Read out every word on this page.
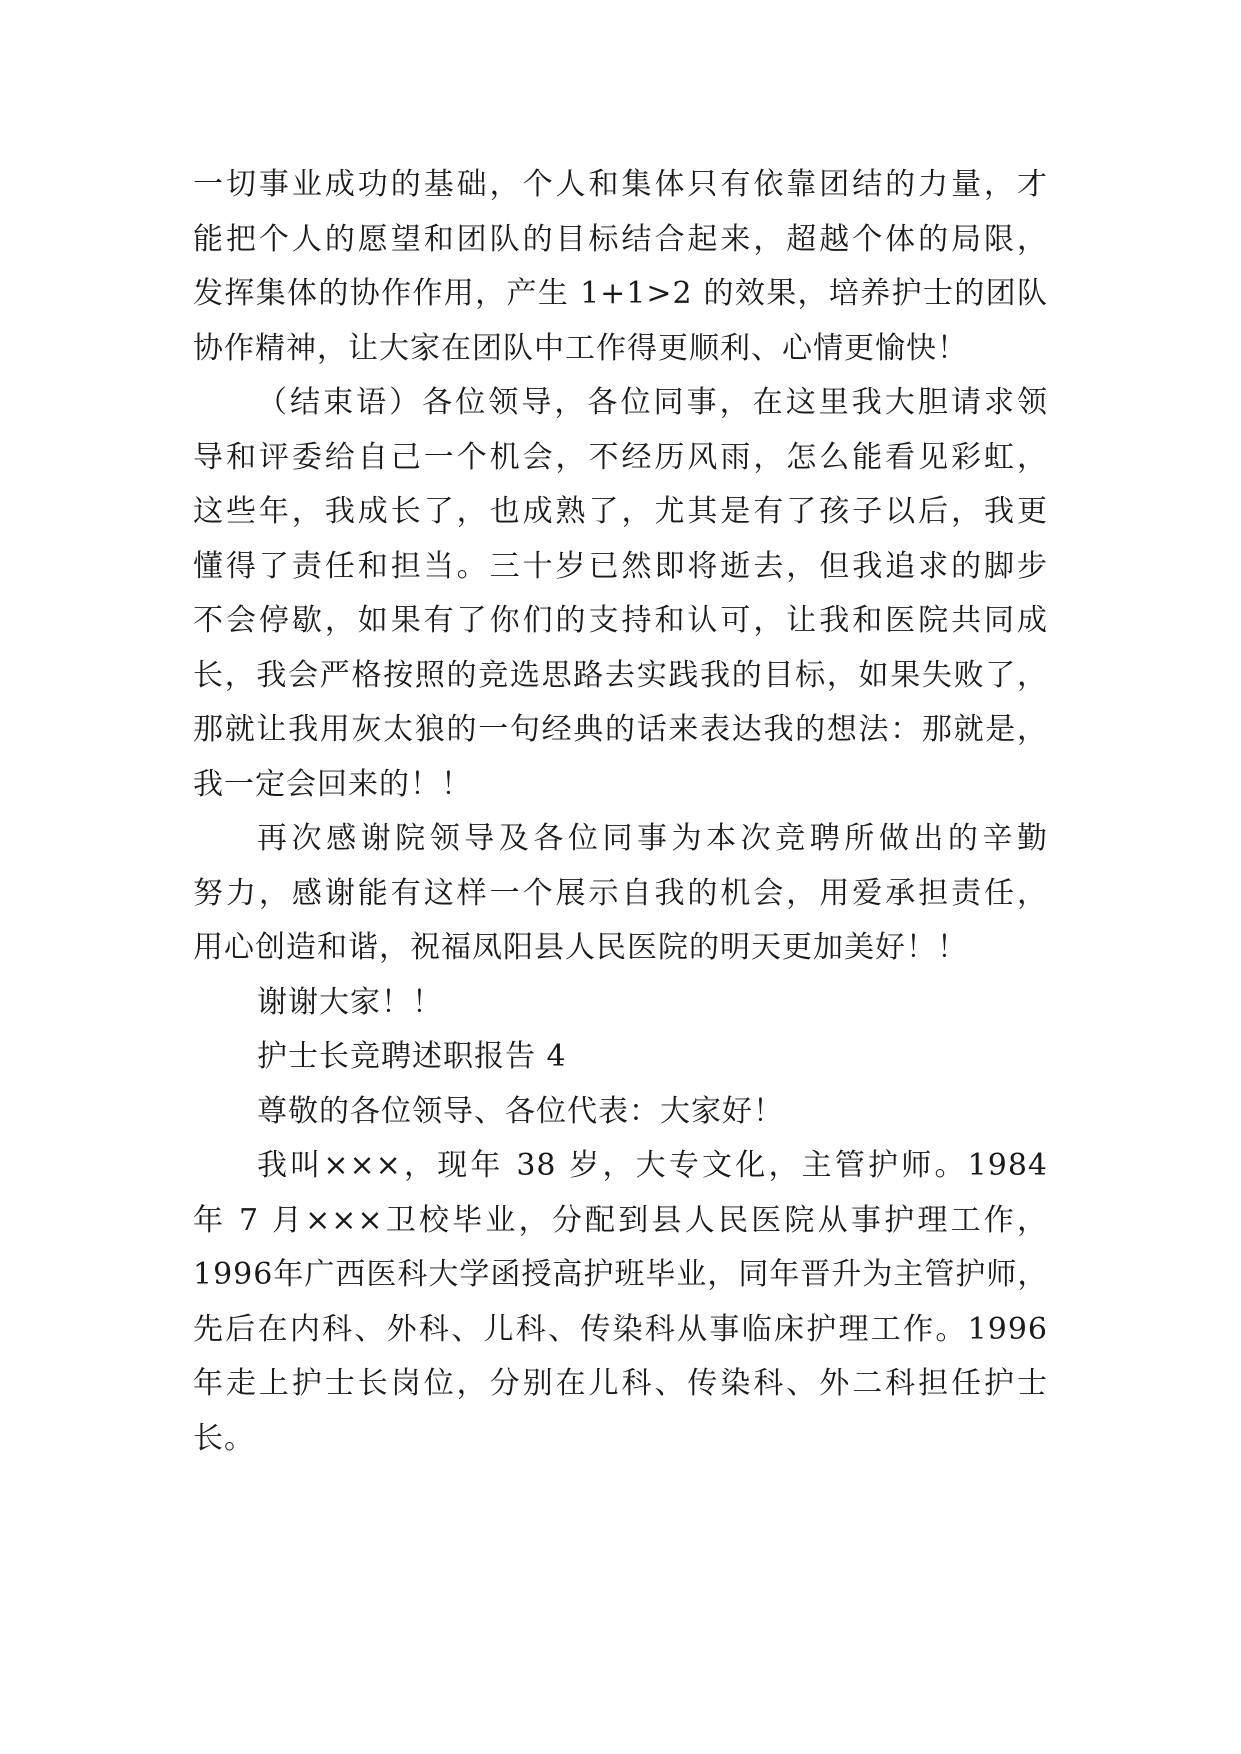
一切事业成功的基础，个人和集体只有依靠团结的力量，才
能把个人的愿望和团队的目标结合起来，超越个体的局限，
发挥集体的协作作用，产生 1+1>2 的效果，培养护士的团队
协作精神，让大家在团队中工作得更顺利、心情更愉快！
（结束语）各位领导，各位同事，在这里我大胆请求领
导和评委给自己一个机会，不经历风雨，怎么能看见彩虹，
这些年，我成长了，也成熟了，尤其是有了孩子以后，我更
懂得了责任和担当。三十岁已然即将逝去，但我追求的脚步
不会停歇，如果有了你们的支持和认可，让我和医院共同成
长，我会严格按照的竞选思路去实践我的目标，如果失败了，
那就让我用灰太狼的一句经典的话来表达我的想法：那就是，
我一定会回来的！！
再次感谢院领导及各位同事为本次竞聘所做出的辛勤
努力，感谢能有这样一个展示自我的机会，用爱承担责任，
用心创造和谐，祝福凤阳县人民医院的明天更加美好！！
谢谢大家！！
护士长竞聘述职报告 4
尊敬的各位领导、各位代表：大家好！
我叫×××，现年 38 岁，大专文化，主管护师。1984
年 7 月×××卫校毕业，分配到县人民医院从事护理工作，
1996年广西医科大学函授高护班毕业，同年晋升为主管护师，
先后在内科、外科、儿科、传染科从事临床护理工作。1996
年走上护士长岗位，分别在儿科、传染科、外二科担任护士
长。
